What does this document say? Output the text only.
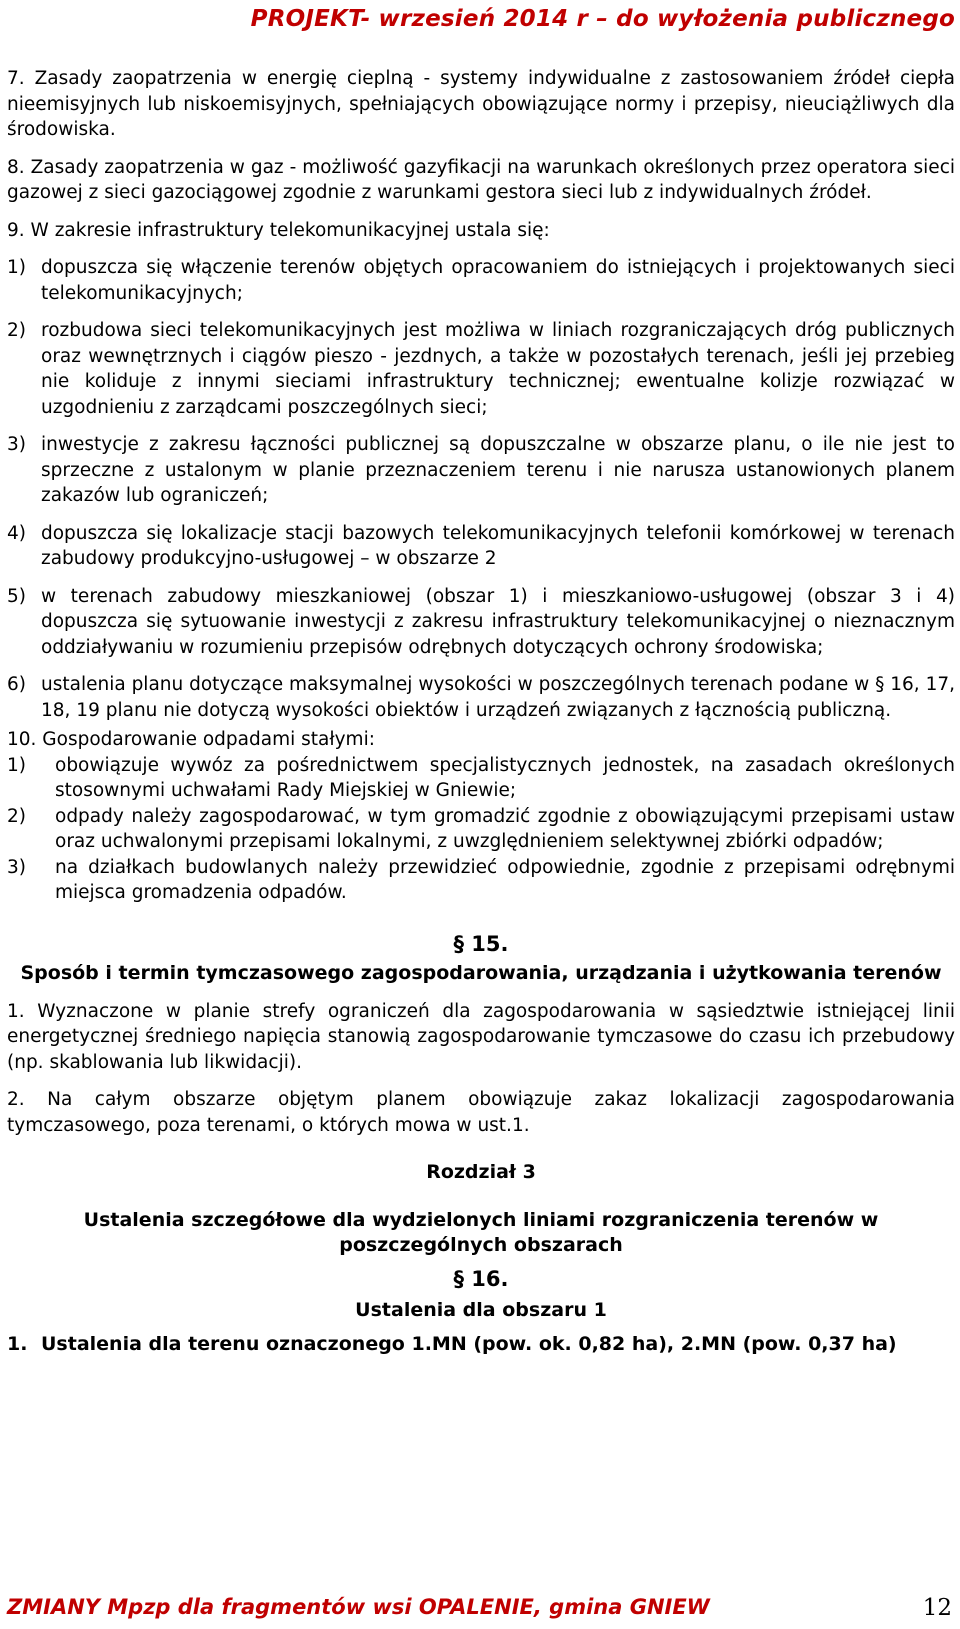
PROJEKT- wrzesień 2014 r – do wyłożenia publicznego

7. Zasady zaopatrzenia w energię cieplną - systemy indywidualne z zastosowaniem źródeł ciepła nieemisyjnych lub niskoemisyjnych, spełniających obowiązujące normy i przepisy, nieuciążliwych dla środowiska.

8. Zasady zaopatrzenia w gaz - możliwość gazyfikacji na warunkach określonych przez operatora sieci gazowej z sieci gazociągowej zgodnie z warunkami gestora sieci lub z indywidualnych źródeł.

9. W zakresie infrastruktury telekomunikacyjnej ustala się:

1) dopuszcza się włączenie terenów objętych opracowaniem do istniejących i projektowanych sieci telekomunikacyjnych;
2) rozbudowa sieci telekomunikacyjnych jest możliwa w liniach rozgraniczających dróg publicznych oraz wewnętrznych i ciągów pieszo - jezdnych, a także w pozostałych terenach, jeśli jej przebieg nie koliduje z innymi sieciami infrastruktury technicznej; ewentualne kolizje rozwiązać w uzgodnieniu z zarządcami poszczególnych sieci;
3) inwestycje z zakresu łączności publicznej są dopuszczalne w obszarze planu, o ile nie jest to sprzeczne z ustalonym w planie przeznaczeniem terenu i nie narusza ustanowionych planem zakazów lub ograniczeń;
4) dopuszcza się lokalizacje stacji bazowych telekomunikacyjnych telefonii komórkowej w terenach zabudowy produkcyjno-usługowej – w obszarze 2
5) w terenach zabudowy mieszkaniowej (obszar 1) i mieszkaniowo-usługowej (obszar 3 i 4) dopuszcza się sytuowanie inwestycji z zakresu infrastruktury telekomunikacyjnej o nieznacznym oddziaływaniu w rozumieniu przepisów odrębnych dotyczących ochrony środowiska;
6) ustalenia planu dotyczące maksymalnej wysokości w poszczególnych terenach podane w § 16, 17, 18, 19 planu nie dotyczą wysokości obiektów i urządzeń związanych z łącznością publiczną.

10. Gospodarowanie odpadami stałymi:

1)	obowiązuje wywóz za pośrednictwem specjalistycznych jednostek, na zasadach określonych stosownymi uchwałami Rady Miejskiej w Gniewie;
2)	odpady należy zagospodarować, w tym gromadzić zgodnie z obowiązującymi przepisami ustaw oraz uchwalonymi przepisami lokalnymi, z uwzględnieniem selektywnej zbiórki odpadów;
3)	na działkach budowlanych należy przewidzieć odpowiednie, zgodnie z przepisami odrębnymi miejsca gromadzenia odpadów.
§ 15.
Sposób i termin tymczasowego zagospodarowania, urządzania i użytkowania terenów

1. Wyznaczone w planie strefy ograniczeń dla zagospodarowania w sąsiedztwie istniejącej linii energetycznej średniego napięcia stanowią zagospodarowanie tymczasowe do czasu ich przebudowy (np. skablowania lub likwidacji).

2. Na całym obszarze objętym planem obowiązuje zakaz lokalizacji zagospodarowania tymczasowego, poza terenami, o których mowa w ust.1.

Rozdział 3
Ustalenia szczegółowe dla wydzielonych liniami rozgraniczenia terenów w poszczególnych obszarach
§ 16.
Ustalenia dla obszaru 1
1. Ustalenia dla terenu oznaczonego 1.MN (pow. ok. 0,82 ha), 2.MN (pow. 0,37 ha)
ZMIANY Mpzp dla fragmentów wsi OPALENIE, gmina GNIEW	12
